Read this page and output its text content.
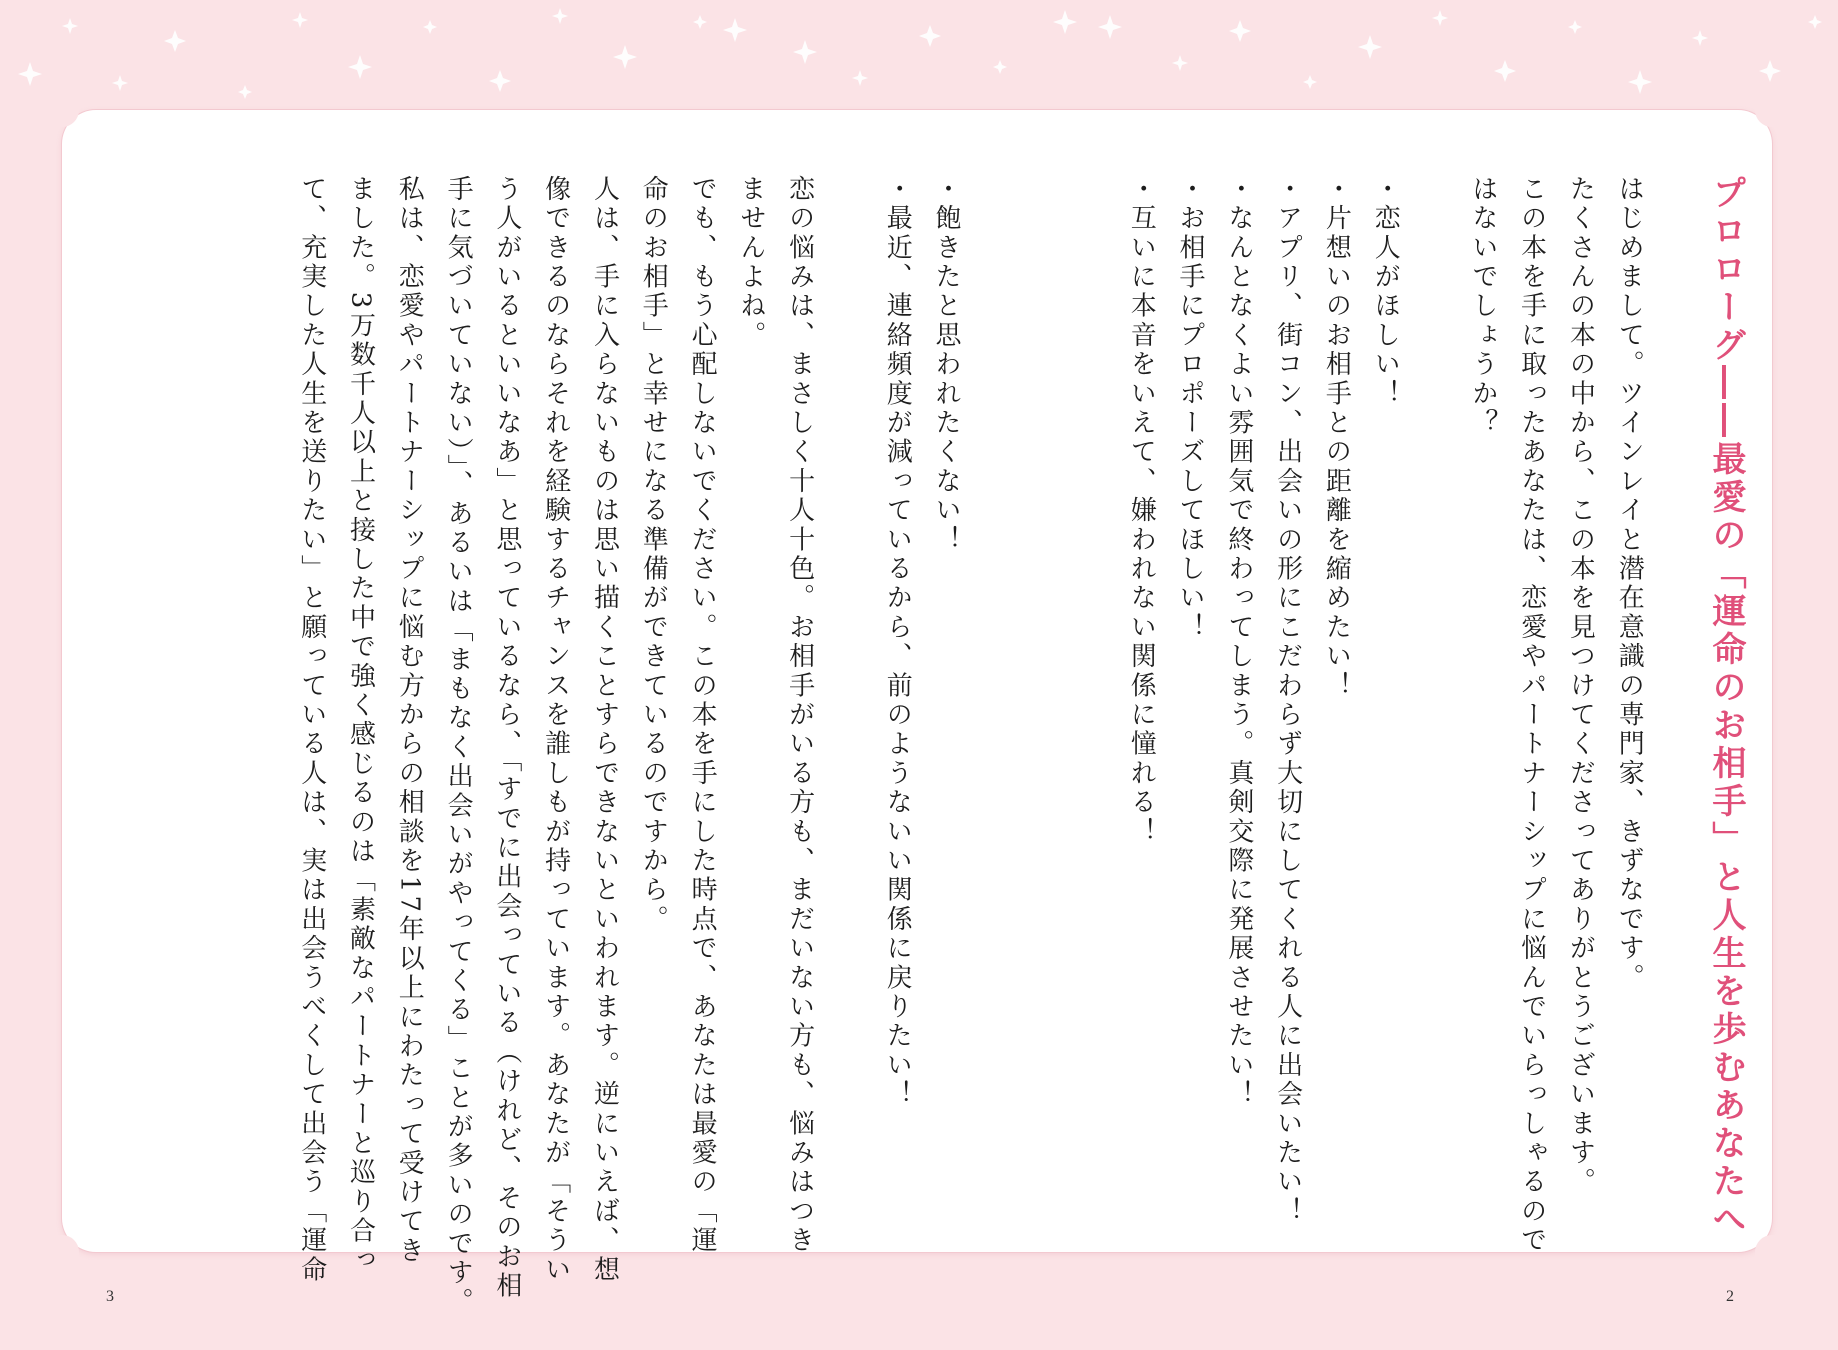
プロローグ――最愛の「運命のお相手」と人生を歩むあなたへ
はじめまして。ツインレイと潜在意識の専門家、きずなです。
たくさんの本の中から、この本を見つけてくださってありがとうございます。
この本を手に取ったあなたは、恋愛やパートナーシップに悩んでいらっしゃるので
はないでしょうか？
・恋人がほしい！
・片想いのお相手との距離を縮めたい！
・アプリ、街コン、出会いの形にこだわらず大切にしてくれる人に出会いたい！
・なんとなくよい雰囲気で終わってしまう。真剣交際に発展させたい！
・お相手にプロポーズしてほしい！
・互いに本音をいえて、嫌われない関係に憧れる！
・飽きたと思われたくない！
・最近、連絡頻度が減っているから、前のようないい関係に戻りたい！
恋の悩みは、まさしく十人十色。お相手がいる方も、まだいない方も、悩みはつき
ませんよね。
でも、もう心配しないでください。この本を手にした時点で、あなたは最愛の「運
命のお相手」と幸せになる準備ができているのですから。
人は、手に入らないものは思い描くことすらできないといわれます。逆にいえば、想
像できるのならそれを経験するチャンスを誰しもが持っています。あなたが「そうい
う人がいるといいなあ」と思っているなら、「すでに出会っている（けれど、そのお相
手に気づいていない）」、あるいは「まもなく出会いがやってくる」ことが多いのです。
私は、恋愛やパートナーシップに悩む方からの相談を17年以上にわたって受けてき
ました。3万数千人以上と接した中で強く感じるのは「素敵なパートナーと巡り合っ
て、充実した人生を送りたい」と願っている人は、実は出会うべくして出会う「運命
3	2
